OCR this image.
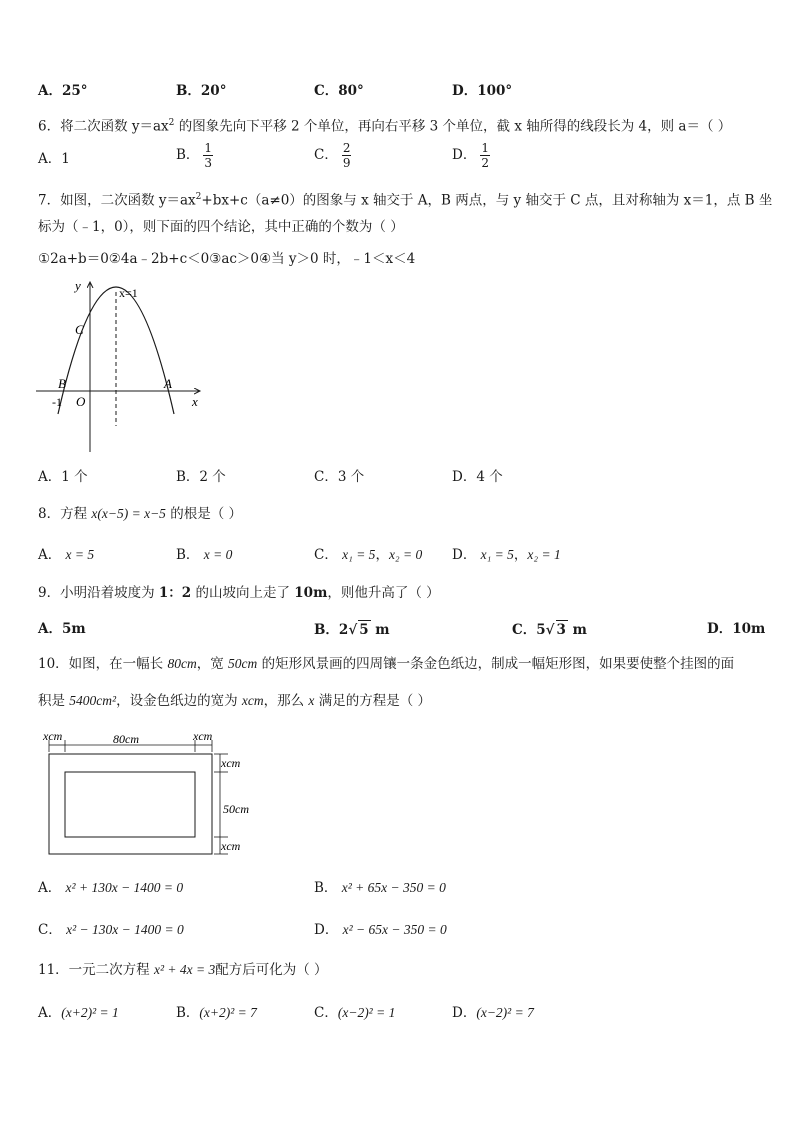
A．25°	B．20°	C．80°	D．100°
6．将二次函数 $y=ax^2$ 的图象先向下平移 2 个单位，再向右平移 3 个单位，截 x 轴所得的线段长为 4，则 a＝（ ）
A．1	B． $\frac{1}{3}$	C． $\frac{2}{9}$	D． $\frac{1}{2}$
7．如图，二次函数 $y=ax^2+bx+c(a\ne 0)$的图象与 x 轴交于 A，B 两点，与 y 轴交于 C 点，且对称轴为 x＝1，点 B 坐
标为（﹣1，0），则下面的四个结论，其中正确的个数为（ ）
①2a+b＝0②4a﹣2b+c＜0③ac＞0④当 y＞0 时，﹣1＜x＜4
y
x
x=1
C
B	A
-1 O
A．1 个	B．2 个	C．3 个	D．4 个
8．方程 x(x−5) = x−5 的根是（ ）
A． x = 5	B． x = 0	C． x₁ = 5，x₂ = 0 D． x₁ = 5，x₂ = 1
9．小明沿着坡度为 1：2 的山坡向上走了 10m，则他升高了（ ）
A．5m	B．2√ 5 m	C．5√ 3 m	D．10m
10．如图，在一幅长 80cm，宽 50cm 的矩形风景画的四周镶一条金色纸边，制成一幅矩形图，如果要使整个挂图的面
积是 5400cm²，设金色纸边的宽为 xcm，那么 x 满足的方程是（ ）
xcm	80cm	xcm
xcm
50cm
xcm
A． x² + 130x − 1400 = 0	B． x² + 65x − 350 = 0
C． x² − 130x − 1400 = 0	D． x² − 65x − 350 = 0
11．一元二次方程 x² + 4x = 3配方后可化为（ ）
A．(x+2)² = 1	B．(x+2)² = 7	C．(x−2)² = 1	D．(x−2)² = 7
